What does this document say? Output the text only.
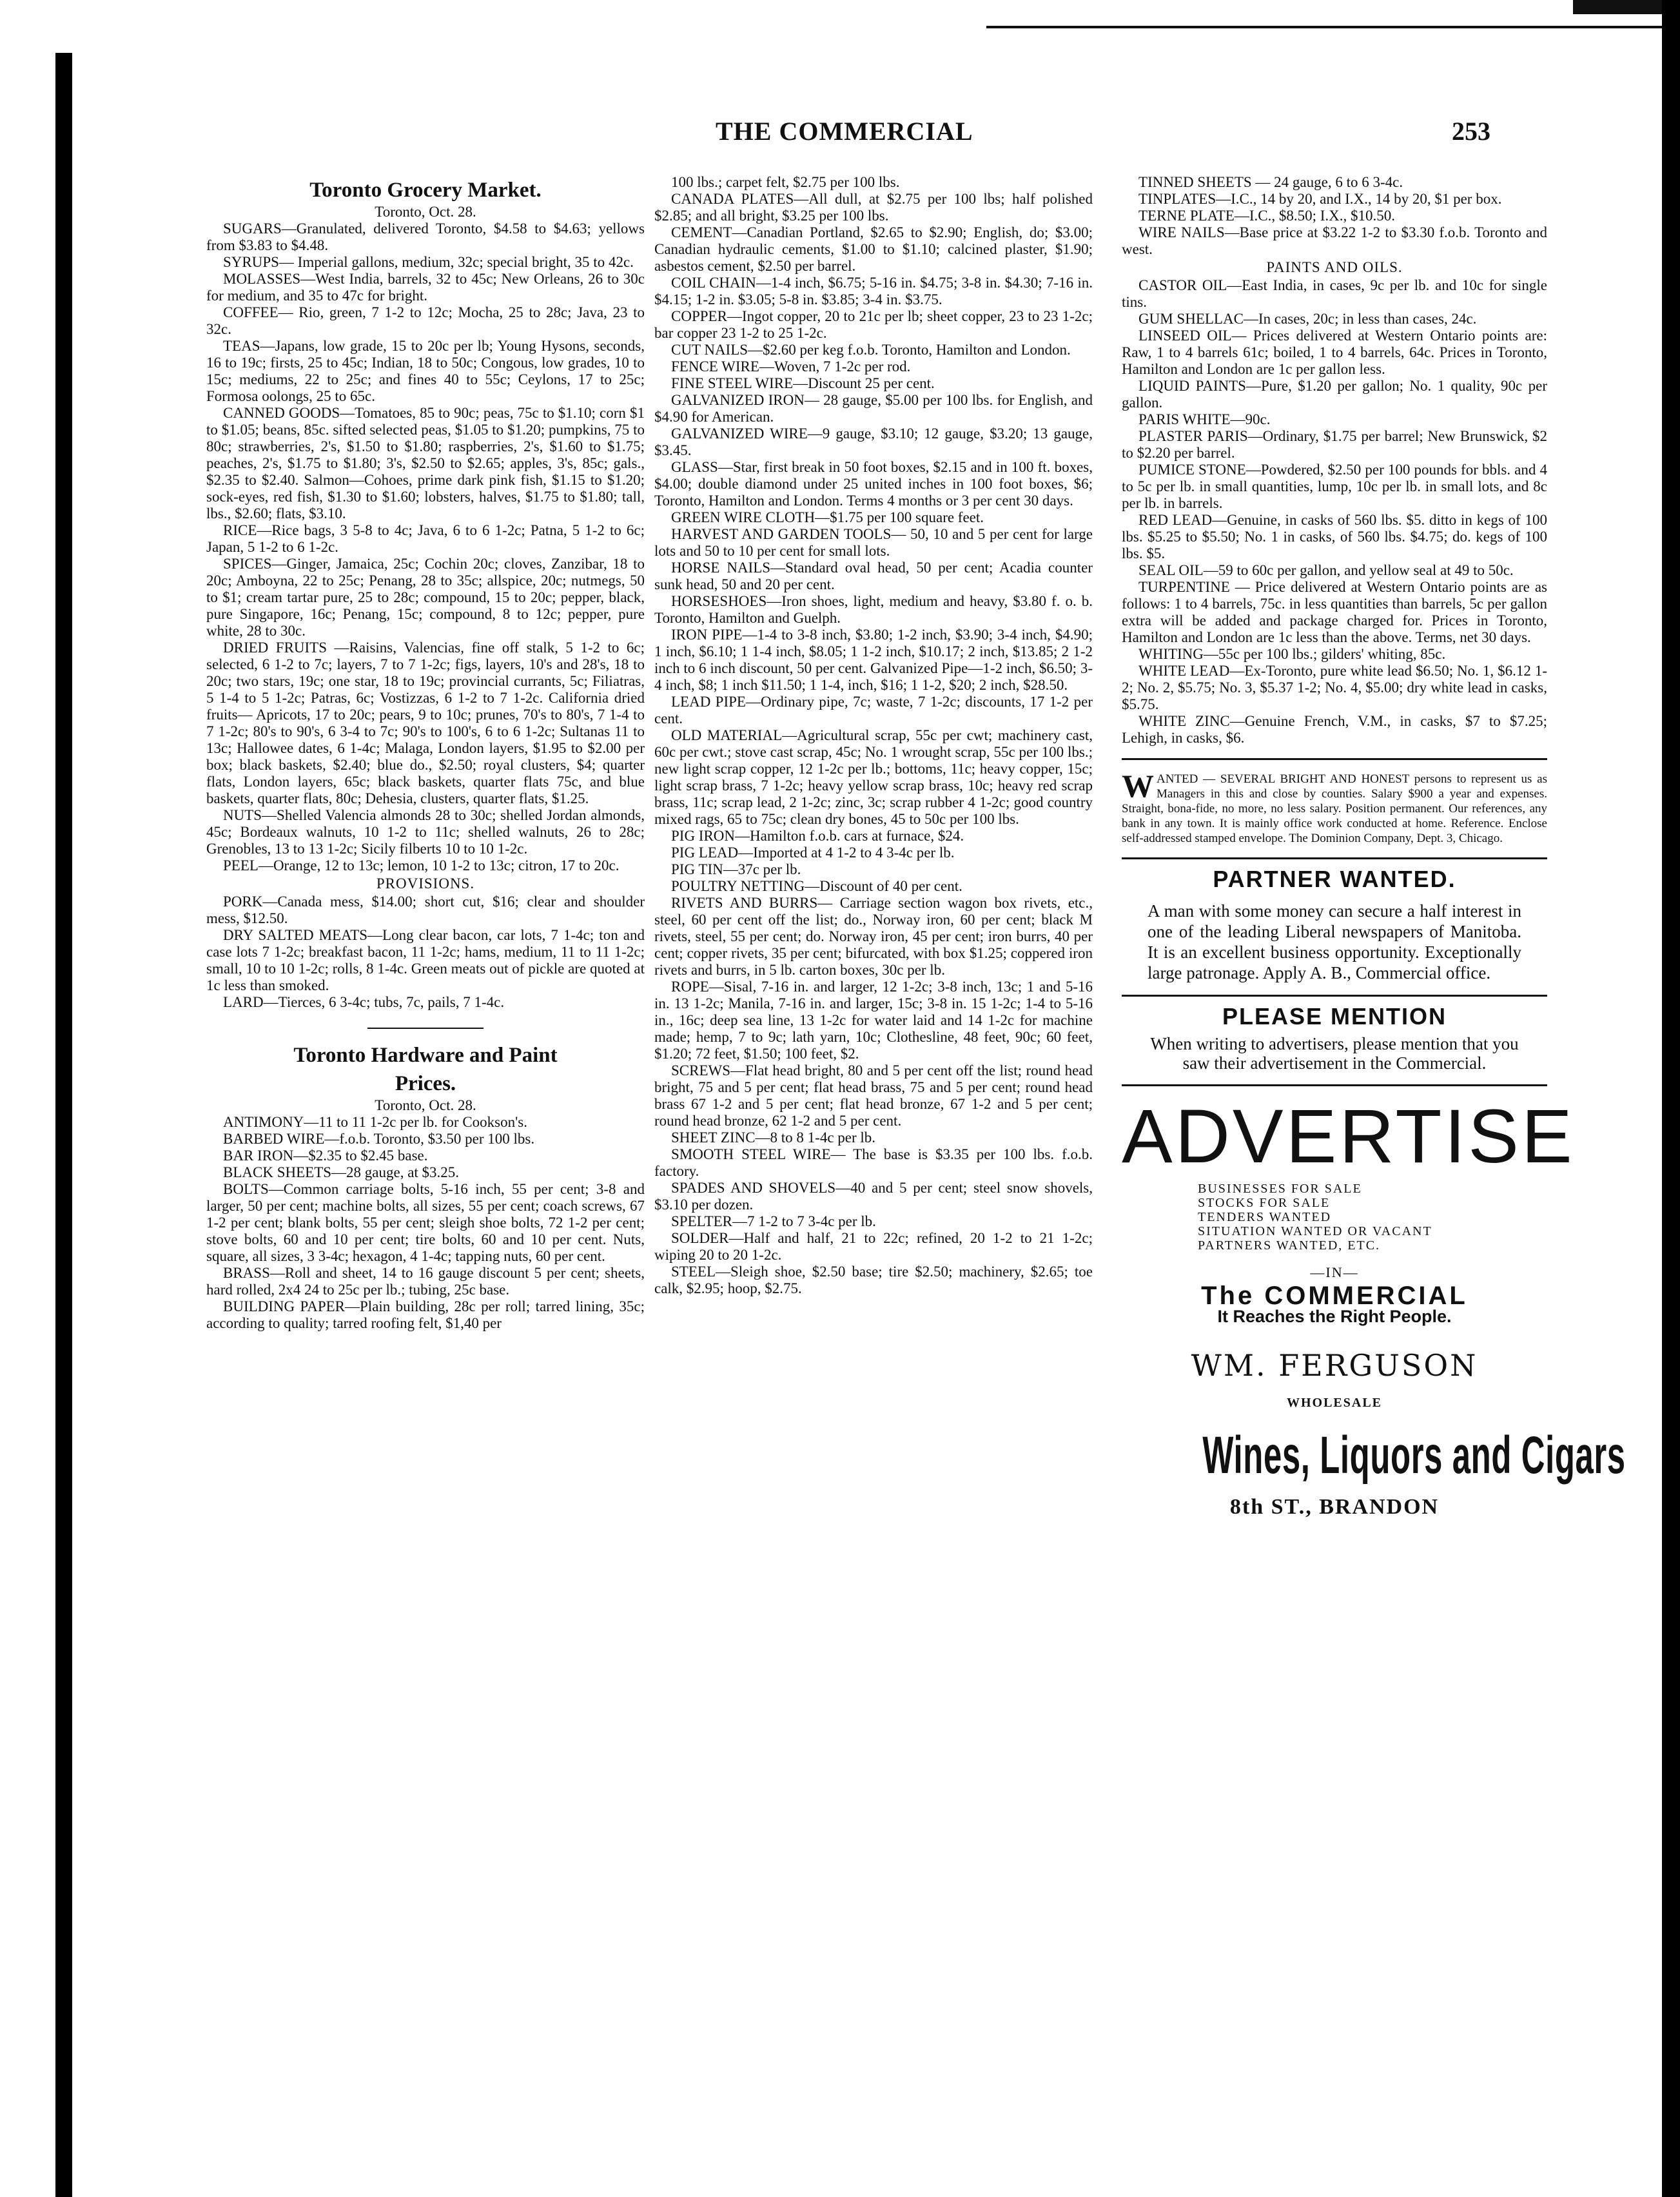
THE COMMERCIAL	253
Toronto Grocery Market.

Toronto, Oct. 28.

SUGARS—Granulated, delivered Toronto, $4.58 to $4.63; yellows from $3.83 to $4.48.

SYRUPS— Imperial gallons, medium, 32c; special bright, 35 to 42c.

MOLASSES—West India, barrels, 32 to 45c; New Orleans, 26 to 30c for medium, and 35 to 47c for bright.

COFFEE— Rio, green, 7 1-2 to 12c; Mocha, 25 to 28c; Java, 23 to 32c.

TEAS—Japans, low grade, 15 to 20c per lb; Young Hysons, seconds, 16 to 19c; firsts, 25 to 45c; Indian, 18 to 50c; Congous, low grades, 10 to 15c; mediums, 22 to 25c; and fines 40 to 55c; Ceylons, 17 to 25c; Formosa oolongs, 25 to 65c.

CANNED GOODS—Tomatoes, 85 to 90c; peas, 75c to $1.10; corn $1 to $1.05; beans, 85c. sifted selected peas, $1.05 to $1.20; pumpkins, 75 to 80c; strawberries, 2's, $1.50 to $1.80; raspberries, 2's, $1.60 to $1.75; peaches, 2's, $1.75 to $1.80; 3's, $2.50 to $2.65; apples, 3's, 85c; gals., $2.35 to $2.40. Salmon—Cohoes, prime dark pink fish, $1.15 to $1.20; sock-eyes, red fish, $1.30 to $1.60; lobsters, halves, $1.75 to $1.80; tall, lbs., $2.60; flats, $3.10.

RICE—Rice bags, 3 5-8 to 4c; Java, 6 to 6 1-2c; Patna, 5 1-2 to 6c; Japan, 5 1-2 to 6 1-2c.

SPICES—Ginger, Jamaica, 25c; Cochin 20c; cloves, Zanzibar, 18 to 20c; Amboyna, 22 to 25c; Penang, 28 to 35c; allspice, 20c; nutmegs, 50 to $1; cream tartar pure, 25 to 28c; compound, 15 to 20c; pepper, black, pure Singapore, 16c; Penang, 15c; compound, 8 to 12c; pepper, pure white, 28 to 30c.

DRIED FRUITS —Raisins, Valencias, fine off stalk, 5 1-2 to 6c; selected, 6 1-2 to 7c; layers, 7 to 7 1-2c; figs, layers, 10's and 28's, 18 to 20c; two stars, 19c; one star, 18 to 19c; provincial currants, 5c; Filiatras, 5 1-4 to 5 1-2c; Patras, 6c; Vostizzas, 6 1-2 to 7 1-2c. California dried fruits— Apricots, 17 to 20c; pears, 9 to 10c; prunes, 70's to 80's, 7 1-4 to 7 1-2c; 80's to 90's, 6 3-4 to 7c; 90's to 100's, 6 to 6 1-2c; Sultanas 11 to 13c; Hallowee dates, 6 1-4c; Malaga, London layers, $1.95 to $2.00 per box; black baskets, $2.40; blue do., $2.50; royal clusters, $4; quarter flats, London layers, 65c; black baskets, quarter flats 75c, and blue baskets, quarter flats, 80c; Dehesia, clusters, quarter flats, $1.25.

NUTS—Shelled Valencia almonds 28 to 30c; shelled Jordan almonds, 45c; Bordeaux walnuts, 10 1-2 to 11c; shelled walnuts, 26 to 28c; Grenobles, 13 to 13 1-2c; Sicily filberts 10 to 10 1-2c.

PEEL—Orange, 12 to 13c; lemon, 10 1-2 to 13c; citron, 17 to 20c.

PROVISIONS.

PORK—Canada mess, $14.00; short cut, $16; clear and shoulder mess, $12.50.

DRY SALTED MEATS—Long clear bacon, car lots, 7 1-4c; ton and case lots 7 1-2c; breakfast bacon, 11 1-2c; hams, medium, 11 to 11 1-2c; small, 10 to 10 1-2c; rolls, 8 1-4c. Green meats out of pickle are quoted at 1c less than smoked.

LARD—Tierces, 6 3-4c; tubs, 7c, pails, 7 1-4c.

Toronto Hardware and Paint
Prices.

Toronto, Oct. 28.

ANTIMONY—11 to 11 1-2c per lb. for Cookson's.

BARBED WIRE—f.o.b. Toronto, $3.50 per 100 lbs.

BAR IRON—$2.35 to $2.45 base.

BLACK SHEETS—28 gauge, at $3.25.

BOLTS—Common carriage bolts, 5-16 inch, 55 per cent; 3-8 and larger, 50 per cent; machine bolts, all sizes, 55 per cent; coach screws, 67 1-2 per cent; blank bolts, 55 per cent; sleigh shoe bolts, 72 1-2 per cent; stove bolts, 60 and 10 per cent; tire bolts, 60 and 10 per cent. Nuts, square, all sizes, 3 3-4c; hexagon, 4 1-4c; tapping nuts, 60 per cent.

BRASS—Roll and sheet, 14 to 16 gauge discount 5 per cent; sheets, hard rolled, 2x4 24 to 25c per lb.; tubing, 25c base.

BUILDING PAPER—Plain building, 28c per roll; tarred lining, 35c; according to quality; tarred roofing felt, $1,40 per

100 lbs.; carpet felt, $2.75 per 100 lbs.

CANADA PLATES—All dull, at $2.75 per 100 lbs; half polished $2.85; and all bright, $3.25 per 100 lbs.

CEMENT—Canadian Portland, $2.65 to $2.90; English, do; $3.00; Canadian hydraulic cements, $1.00 to $1.10; calcined plaster, $1.90; asbestos cement, $2.50 per barrel.

COIL CHAIN—1-4 inch, $6.75; 5-16 in. $4.75; 3-8 in. $4.30; 7-16 in. $4.15; 1-2 in. $3.05; 5-8 in. $3.85; 3-4 in. $3.75.

COPPER—Ingot copper, 20 to 21c per lb; sheet copper, 23 to 23 1-2c; bar copper 23 1-2 to 25 1-2c.

CUT NAILS—$2.60 per keg f.o.b. Toronto, Hamilton and London.

FENCE WIRE—Woven, 7 1-2c per rod.

FINE STEEL WIRE—Discount 25 per cent.

GALVANIZED IRON— 28 gauge, $5.00 per 100 lbs. for English, and $4.90 for American.

GALVANIZED WIRE—9 gauge, $3.10; 12 gauge, $3.20; 13 gauge, $3.45.

GLASS—Star, first break in 50 foot boxes, $2.15 and in 100 ft. boxes, $4.00; double diamond under 25 united inches in 100 foot boxes, $6; Toronto, Hamilton and London. Terms 4 months or 3 per cent 30 days.

GREEN WIRE CLOTH—$1.75 per 100 square feet.

HARVEST AND GARDEN TOOLS— 50, 10 and 5 per cent for large lots and 50 to 10 per cent for small lots.

HORSE NAILS—Standard oval head, 50 per cent; Acadia counter sunk head, 50 and 20 per cent.

HORSESHOES—Iron shoes, light, medium and heavy, $3.80 f. o. b. Toronto, Hamilton and Guelph.

IRON PIPE—1-4 to 3-8 inch, $3.80; 1-2 inch, $3.90; 3-4 inch, $4.90; 1 inch, $6.10; 1 1-4 inch, $8.05; 1 1-2 inch, $10.17; 2 inch, $13.85; 2 1-2 inch to 6 inch discount, 50 per cent. Galvanized Pipe—1-2 inch, $6.50; 3-4 inch, $8; 1 inch $11.50; 1 1-4, inch, $16; 1 1-2, $20; 2 inch, $28.50.

LEAD PIPE—Ordinary pipe, 7c; waste, 7 1-2c; discounts, 17 1-2 per cent.

OLD MATERIAL—Agricultural scrap, 55c per cwt; machinery cast, 60c per cwt.; stove cast scrap, 45c; No. 1 wrought scrap, 55c per 100 lbs.; new light scrap copper, 12 1-2c per lb.; bottoms, 11c; heavy copper, 15c; light scrap brass, 7 1-2c; heavy yellow scrap brass, 10c; heavy red scrap brass, 11c; scrap lead, 2 1-2c; zinc, 3c; scrap rubber 4 1-2c; good country mixed rags, 65 to 75c; clean dry bones, 45 to 50c per 100 lbs.

PIG IRON—Hamilton f.o.b. cars at furnace, $24.

PIG LEAD—Imported at 4 1-2 to 4 3-4c per lb.

PIG TIN—37c per lb.

POULTRY NETTING—Discount of 40 per cent.

RIVETS AND BURRS— Carriage section wagon box rivets, etc., steel, 60 per cent off the list; do., Norway iron, 60 per cent; black M rivets, steel, 55 per cent; do. Norway iron, 45 per cent; iron burrs, 40 per cent; copper rivets, 35 per cent; bifurcated, with box $1.25; coppered iron rivets and burrs, in 5 lb. carton boxes, 30c per lb.

ROPE—Sisal, 7-16 in. and larger, 12 1-2c; 3-8 inch, 13c; 1 and 5-16 in. 13 1-2c; Manila, 7-16 in. and larger, 15c; 3-8 in. 15 1-2c; 1-4 to 5-16 in., 16c; deep sea line, 13 1-2c for water laid and 14 1-2c for machine made; hemp, 7 to 9c; lath yarn, 10c; Clothesline, 48 feet, 90c; 60 feet, $1.20; 72 feet, $1.50; 100 feet, $2.

SCREWS—Flat head bright, 80 and 5 per cent off the list; round head bright, 75 and 5 per cent; flat head brass, 75 and 5 per cent; round head brass 67 1-2 and 5 per cent; flat head bronze, 67 1-2 and 5 per cent; round head bronze, 62 1-2 and 5 per cent.

SHEET ZINC—8 to 8 1-4c per lb.

SMOOTH STEEL WIRE— The base is $3.35 per 100 lbs. f.o.b. factory.

SPADES AND SHOVELS—40 and 5 per cent; steel snow shovels, $3.10 per dozen.

SPELTER—7 1-2 to 7 3-4c per lb.

SOLDER—Half and half, 21 to 22c; refined, 20 1-2 to 21 1-2c; wiping 20 to 20 1-2c.

STEEL—Sleigh shoe, $2.50 base; tire $2.50; machinery, $2.65; toe calk, $2.95; hoop, $2.75.

TINNED SHEETS — 24 gauge, 6 to 6 3-4c.

TINPLATES—I.C., 14 by 20, and I.X., 14 by 20, $1 per box.

TERNE PLATE—I.C., $8.50; I.X., $10.50.

WIRE NAILS—Base price at $3.22 1-2 to $3.30 f.o.b. Toronto and west.

PAINTS AND OILS.

CASTOR OIL—East India, in cases, 9c per lb. and 10c for single tins.

GUM SHELLAC—In cases, 20c; in less than cases, 24c.

LINSEED OIL— Prices delivered at Western Ontario points are: Raw, 1 to 4 barrels 61c; boiled, 1 to 4 barrels, 64c. Prices in Toronto, Hamilton and London are 1c per gallon less.

LIQUID PAINTS—Pure, $1.20 per gallon; No. 1 quality, 90c per gallon.

PARIS WHITE—90c.

PLASTER PARIS—Ordinary, $1.75 per barrel; New Brunswick, $2 to $2.20 per barrel.

PUMICE STONE—Powdered, $2.50 per 100 pounds for bbls. and 4 to 5c per lb. in small quantities, lump, 10c per lb. in small lots, and 8c per lb. in barrels.

RED LEAD—Genuine, in casks of 560 lbs. $5. ditto in kegs of 100 lbs. $5.25 to $5.50; No. 1 in casks, of 560 lbs. $4.75; do. kegs of 100 lbs. $5.

SEAL OIL—59 to 60c per gallon, and yellow seal at 49 to 50c.

TURPENTINE — Price delivered at Western Ontario points are as follows: 1 to 4 barrels, 75c. in less quantities than barrels, 5c per gallon extra will be added and package charged for. Prices in Toronto, Hamilton and London are 1c less than the above. Terms, net 30 days.

WHITING—55c per 100 lbs.; gilders' whiting, 85c.

WHITE LEAD—Ex-Toronto, pure white lead $6.50; No. 1, $6.12 1-2; No. 2, $5.75; No. 3, $5.37 1-2; No. 4, $5.00; dry white lead in casks, $5.75.

WHITE ZINC—Genuine French, V.M., in casks, $7 to $7.25; Lehigh, in casks, $6.

WANTED — SEVERAL BRIGHT AND HONEST persons to represent us as Managers in this and close by counties. Salary $900 a year and expenses. Straight, bona-fide, no more, no less salary. Position permanent. Our references, any bank in any town. It is mainly office work conducted at home. Reference. Enclose self-addressed stamped envelope. The Dominion Company, Dept. 3, Chicago.
PARTNER WANTED.
A man with some money can secure a half interest in one of the leading Liberal newspapers of Manitoba. It is an excellent business opportunity. Exceptionally large patronage. Apply A. B., Commercial office.
PLEASE MENTION
When writing to advertisers, please mention that you saw their advertisement in the Commercial.
ADVERTISE
BUSINESSES FOR SALE
STOCKS FOR SALE
TENDERS WANTED
SITUATION WANTED OR VACANT
PARTNERS WANTED, ETC.
—IN—
The COMMERCIAL
It Reaches the Right People.
WM. FERGUSON
WHOLESALE
Wines, Liquors and Cigars
8th ST., BRANDON
